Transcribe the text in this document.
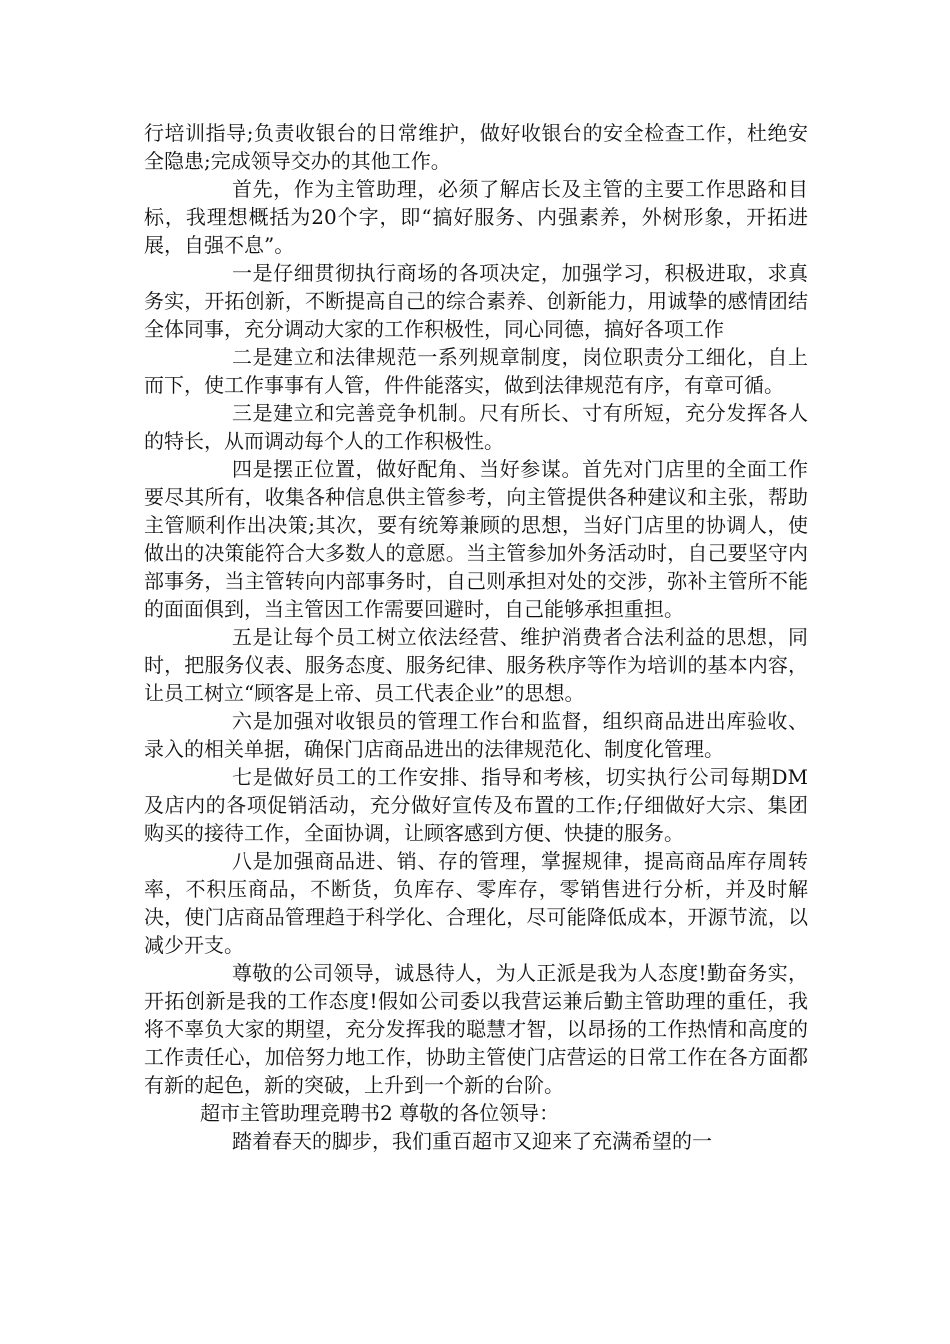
行培训指导;负责收银台的日常维护，做好收银台的安全检查工作，杜绝安全隐患;完成领导交办的其他工作。

首先，作为主管助理，必须了解店长及主管的主要工作思路和目标，我理想概括为20个字，即“搞好服务、内强素养，外树形象，开拓进展，自强不息”。

一是仔细贯彻执行商场的各项决定，加强学习，积极进取，求真务实，开拓创新，不断提高自己的综合素养、创新能力，用诚挚的感情团结全体同事，充分调动大家的工作积极性，同心同德，搞好各项工作

二是建立和法律规范一系列规章制度，岗位职责分工细化，自上而下，使工作事事有人管，件件能落实，做到法律规范有序，有章可循。

三是建立和完善竞争机制。尺有所长、寸有所短，充分发挥各人的特长，从而调动每个人的工作积极性。

四是摆正位置，做好配角、当好参谋。首先对门店里的全面工作要尽其所有，收集各种信息供主管参考，向主管提供各种建议和主张，帮助主管顺利作出决策;其次，要有统筹兼顾的思想，当好门店里的协调人，使做出的决策能符合大多数人的意愿。当主管参加外务活动时，自己要坚守内部事务，当主管转向内部事务时，自己则承担对处的交涉，弥补主管所不能的面面俱到，当主管因工作需要回避时，自己能够承担重担。

五是让每个员工树立依法经营、维护消费者合法利益的思想，同时，把服务仪表、服务态度、服务纪律、服务秩序等作为培训的基本内容，让员工树立“顾客是上帝、员工代表企业”的思想。

六是加强对收银员的管理工作台和监督，组织商品进出库验收、录入的相关单据，确保门店商品进出的法律规范化、制度化管理。

七是做好员工的工作安排、指导和考核，切实执行公司每期DM及店内的各项促销活动，充分做好宣传及布置的工作;仔细做好大宗、集团购买的接待工作，全面协调，让顾客感到方便、快捷的服务。

八是加强商品进、销、存的管理，掌握规律，提高商品库存周转率，不积压商品，不断货，负库存、零库存，零销售进行分析，并及时解决，使门店商品管理趋于科学化、合理化，尽可能降低成本，开源节流，以减少开支。

尊敬的公司领导，诚恳待人，为人正派是我为人态度!勤奋务实，开拓创新是我的工作态度!假如公司委以我营运兼后勤主管助理的重任，我将不辜负大家的期望，充分发挥我的聪慧才智，以昂扬的工作热情和高度的工作责任心，加倍努力地工作，协助主管使门店营运的日常工作在各方面都有新的起色，新的突破，上升到一个新的台阶。

超市主管助理竞聘书2 尊敬的各位领导：

踏着春天的脚步，我们重百超市又迎来了充满希望的一
